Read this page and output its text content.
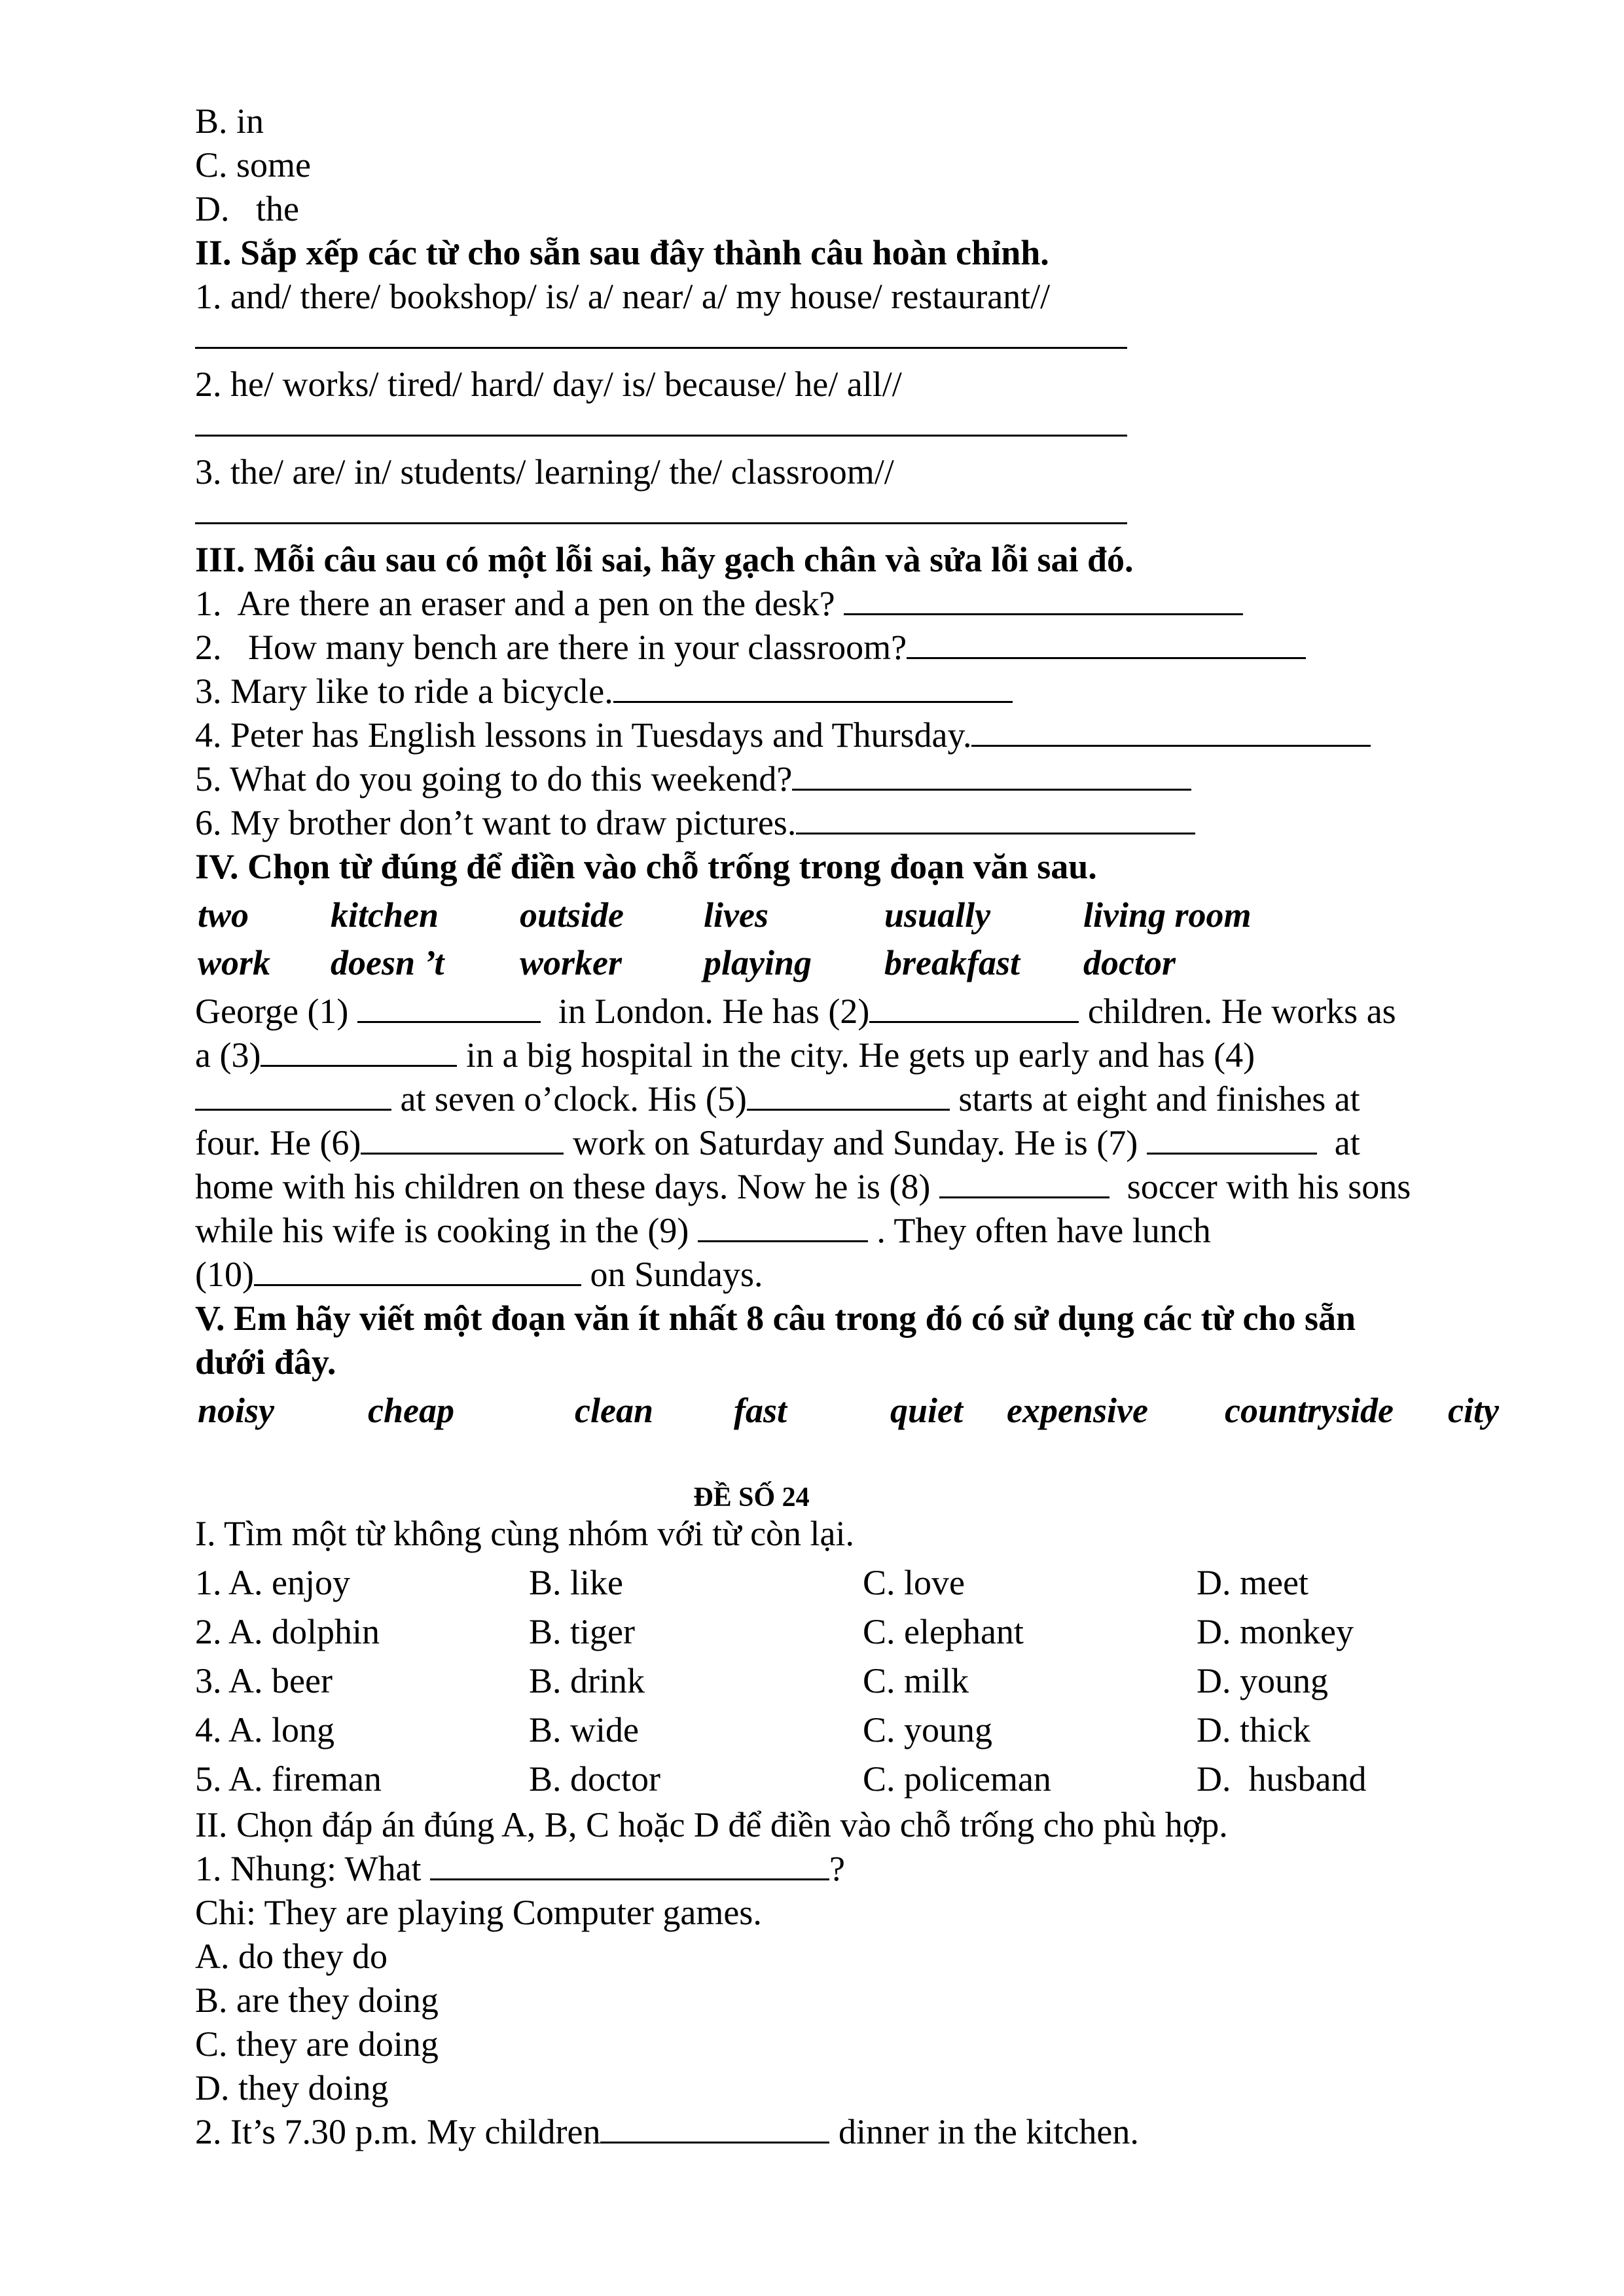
B. in
C. some
D.   the
II. Sắp xếp các từ cho sẵn sau đây thành câu hoàn chỉnh.
1. and/ there/ bookshop/ is/ a/ near/ a/ my house/ restaurant//
2. he/ works/ tired/ hard/ day/ is/ because/ he/ all//
3. the/ are/ in/ students/ learning/ the/ classroom//
III. Mỗi câu sau có một lỗi sai, hãy gạch chân và sửa lỗi sai đó.
1.  Are there an eraser and a pen on the desk?
2.   How many bench are there in your classroom?
3. Mary like to ride a bicycle.
4. Peter has English lessons in Tuesdays and Thursday.
5. What do you going to do this weekend?
6. My brother don’t want to draw pictures.
IV. Chọn từ đúng để điền vào chỗ trống trong đoạn văn sau.
two kitchen outside lives	usually	living room
work doesn ’t worker playing breakfast doctor
George (1)	in London. He has (2)	children. He works as
a (3)	in a big hospital in the city. He gets up early and has (4)
at seven o’clock. His (5)	starts at eight and finishes at
four. He (6)	work on Saturday and Sunday. He is (7)	at
home with his children on these days. Now he is (8)	soccer with his sons
while his wife is cooking in the (9)	. They often have lunch
(10)	on Sundays.
V. Em hãy viết một đoạn văn ít nhất 8 câu trong đó có sử dụng các từ cho sẵn
dưới đây.
noisy	cheap	clean fast	quiet expensive countryside city
ĐỀ SỐ 24
I. Tìm một từ không cùng nhóm với từ còn lại.
1. A. enjoy	B. like	C. love	D. meet
2. A. dolphin	B. tiger	C. elephant	D. monkey
3. A. beer	B. drink	C. milk	D. young
4. A. long	B. wide	C. young	D. thick
5. A. fireman	B. doctor	C. policeman	D.  husband
II. Chọn đáp án đúng A, B, C hoặc D để điền vào chỗ trống cho phù hợp.
1. Nhung: What	?
Chi: They are playing Computer games.
A. do they do
B. are they doing
C. they are doing
D. they doing
2. It’s 7.30 p.m. My children	dinner in the kitchen.
